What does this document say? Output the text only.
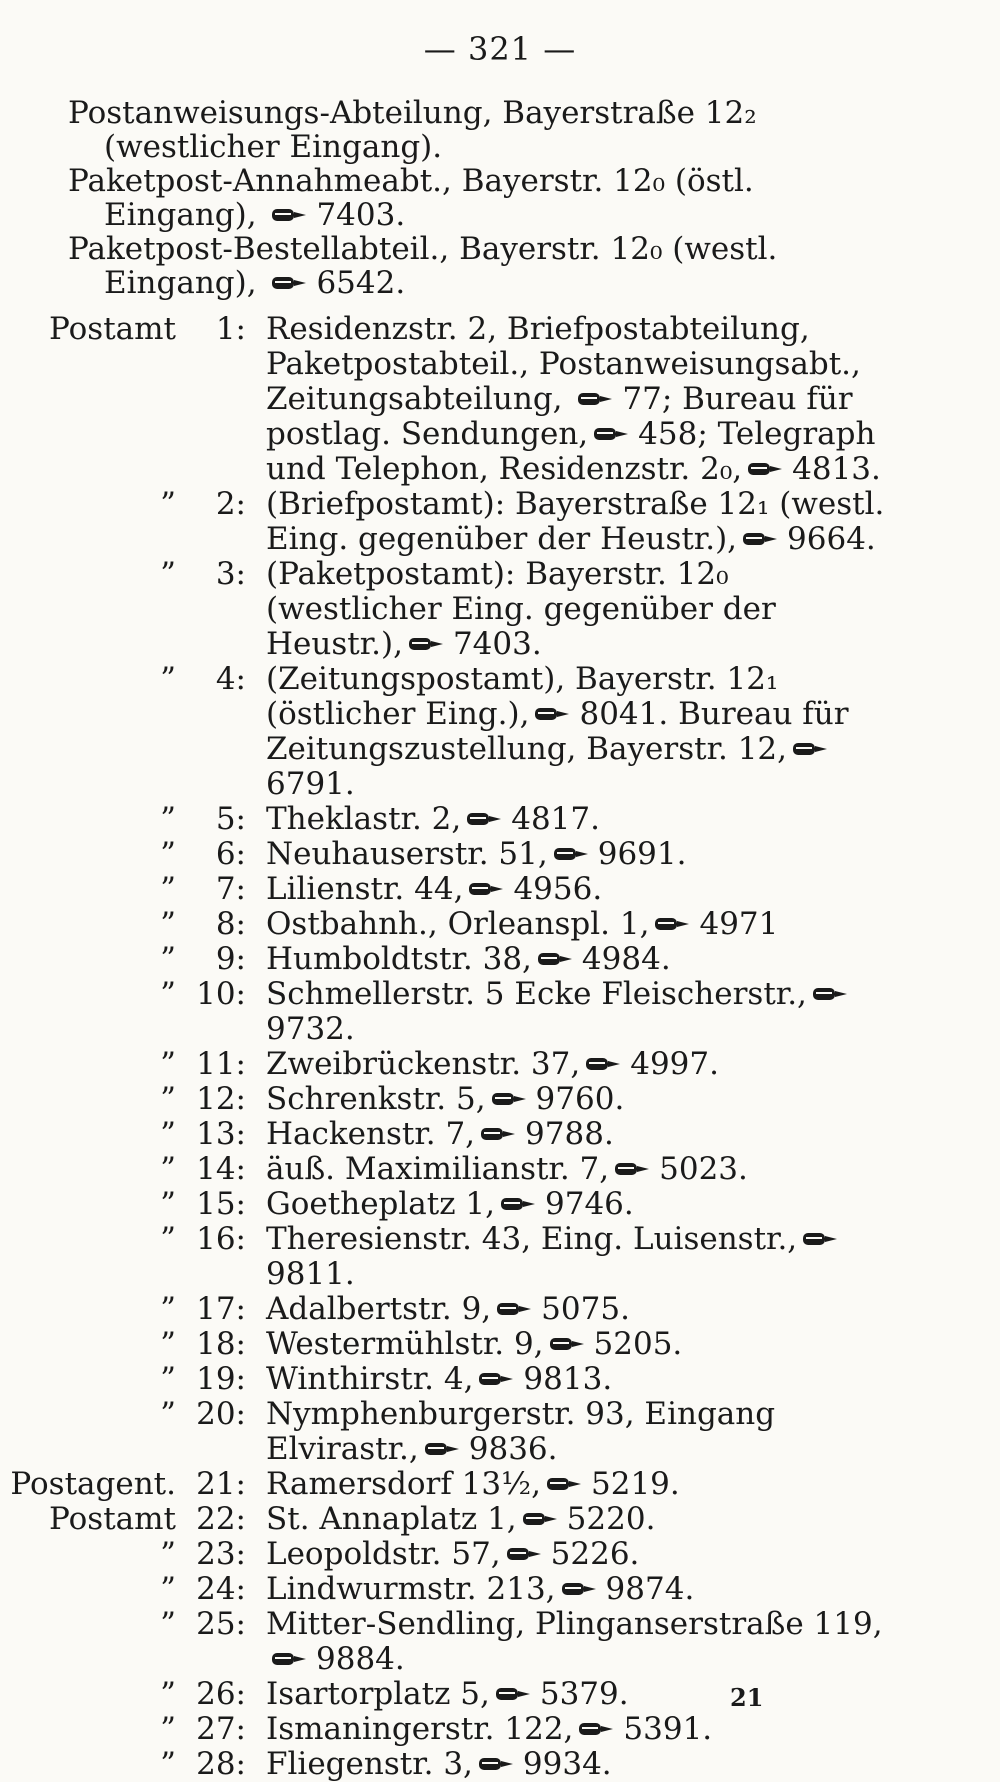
— 321 —

Postanweisungs-Abteilung, Bayerstraße 12₂ (westlicher Eingang).

Paketpost-Annahmeabt., Bayerstr. 12₀ (östl. Eingang), 7403.

Paketpost-Bestellabteil., Bayerstr. 12₀ (westl. Eingang), 6542.

Postamt	1: Residenzstr. 2, Briefpostabteilung, Paketpostabteil., Postanweisungsabt., Zeitungsabteilung, 77; Bureau für postlag. Sendungen, 458; Telegraph und Telephon, Residenzstr. 2₀, 4813.
”	2: (Briefpostamt): Bayerstraße 12₁ (westl. Eing. gegenüber der Heustr.), 9664.
”	3: (Paketpostamt): Bayerstr. 12₀ (westlicher Eing. gegenüber der Heustr.), 7403.
”	4: (Zeitungspostamt), Bayerstr. 12₁ (östlicher Eing.), 8041. Bureau für Zeitungszustellung, Bayerstr. 12,6791.
”	5: Theklastr. 2, 4817.
”	6: Neuhauserstr. 51, 9691.
”	7: Lilienstr. 44, 4956.
”	8: Ostbahnh., Orleanspl. 1, 4971
”	9: Humboldtstr. 38, 4984.
” 10: Schmellerstr. 5 Ecke Fleischerstr.,9732.
” 11: Zweibrückenstr. 37, 4997.
” 12: Schrenkstr. 5, 9760.
” 13: Hackenstr. 7, 9788.
” 14: äuß. Maximilianstr. 7, 5023.
” 15: Goetheplatz 1, 9746.
” 16: Theresienstr. 43, Eing. Luisenstr.,9811.
” 17: Adalbertstr. 9, 5075.
” 18: Westermühlstr. 9, 5205.
” 19: Winthirstr. 4, 9813.
” 20: Nymphenburgerstr. 93, Eingang Elvirastr., 9836.
Postagent. 21: Ramersdorf 13½, 5219.
Postamt 22: St. Annaplatz 1, 5220.
” 23: Leopoldstr. 57, 5226.
” 24: Lindwurmstr. 213, 9874.
” 25: Mitter-Sendling, Plinganserstraße 119,9884.
” 26: Isartorplatz 5, 5379.
” 27: Ismaningerstr. 122, 5391.
” 28: Fliegenstr. 3, 9934.
21
